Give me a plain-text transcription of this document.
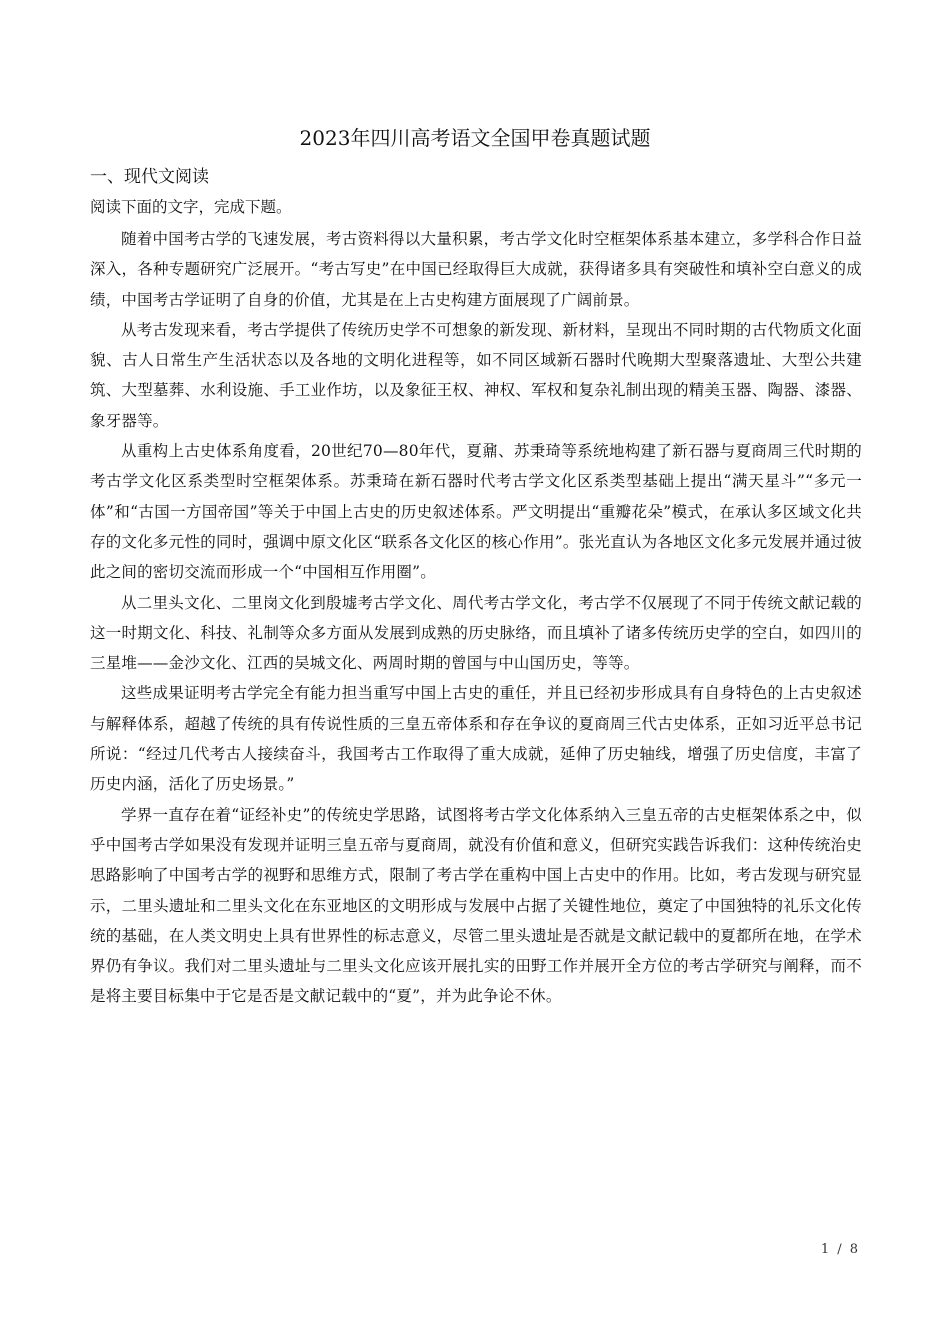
2023年四川高考语文全国甲卷真题试题
一、现代文阅读

阅读下面的文字，完成下题。

随着中国考古学的飞速发展，考古资料得以大量积累，考古学文化时空框架体系基本建立，多学科合作日益深入，各种专题研究广泛展开。“考古写史”在中国已经取得巨大成就，获得诸多具有突破性和填补空白意义的成绩，中国考古学证明了自身的价值，尤其是在上古史构建方面展现了广阔前景。

从考古发现来看，考古学提供了传统历史学不可想象的新发现、新材料，呈现出不同时期的古代物质文化面貌、古人日常生产生活状态以及各地的文明化进程等，如不同区域新石器时代晚期大型聚落遗址、大型公共建筑、大型墓葬、水利设施、手工业作坊，以及象征王权、神权、军权和复杂礼制出现的精美玉器、陶器、漆器、象牙器等。

从重构上古史体系角度看，20世纪70—80年代，夏鼐、苏秉琦等系统地构建了新石器与夏商周三代时期的考古学文化区系类型时空框架体系。苏秉琦在新石器时代考古学文化区系类型基础上提出“满天星斗”“多元一体”和“古国一方国帝国”等关于中国上古史的历史叙述体系。严文明提出“重瓣花朵”模式，在承认多区域文化共存的文化多元性的同时，强调中原文化区“联系各文化区的核心作用”。张光直认为各地区文化多元发展并通过彼此之间的密切交流而形成一个“中国相互作用圈”。

从二里头文化、二里岗文化到殷墟考古学文化、周代考古学文化，考古学不仅展现了不同于传统文献记载的这一时期文化、科技、礼制等众多方面从发展到成熟的历史脉络，而且填补了诸多传统历史学的空白，如四川的三星堆——金沙文化、江西的吴城文化、两周时期的曾国与中山国历史，等等。

这些成果证明考古学完全有能力担当重写中国上古史的重任，并且已经初步形成具有自身特色的上古史叙述与解释体系，超越了传统的具有传说性质的三皇五帝体系和存在争议的夏商周三代古史体系，正如习近平总书记所说：“经过几代考古人接续奋斗，我国考古工作取得了重大成就，延伸了历史轴线，增强了历史信度，丰富了历史内涵，活化了历史场景。”

学界一直存在着“证经补史”的传统史学思路，试图将考古学文化体系纳入三皇五帝的古史框架体系之中，似乎中国考古学如果没有发现并证明三皇五帝与夏商周，就没有价值和意义，但研究实践告诉我们：这种传统治史思路影响了中国考古学的视野和思维方式，限制了考古学在重构中国上古史中的作用。比如，考古发现与研究显示，二里头遗址和二里头文化在东亚地区的文明形成与发展中占据了关键性地位，奠定了中国独特的礼乐文化传统的基础，在人类文明史上具有世界性的标志意义，尽管二里头遗址是否就是文献记载中的夏都所在地，在学术界仍有争议。我们对二里头遗址与二里头文化应该开展扎实的田野工作并展开全方位的考古学研究与阐释，而不是将主要目标集中于它是否是文献记载中的“夏”，并为此争论不休。

1 / 8
